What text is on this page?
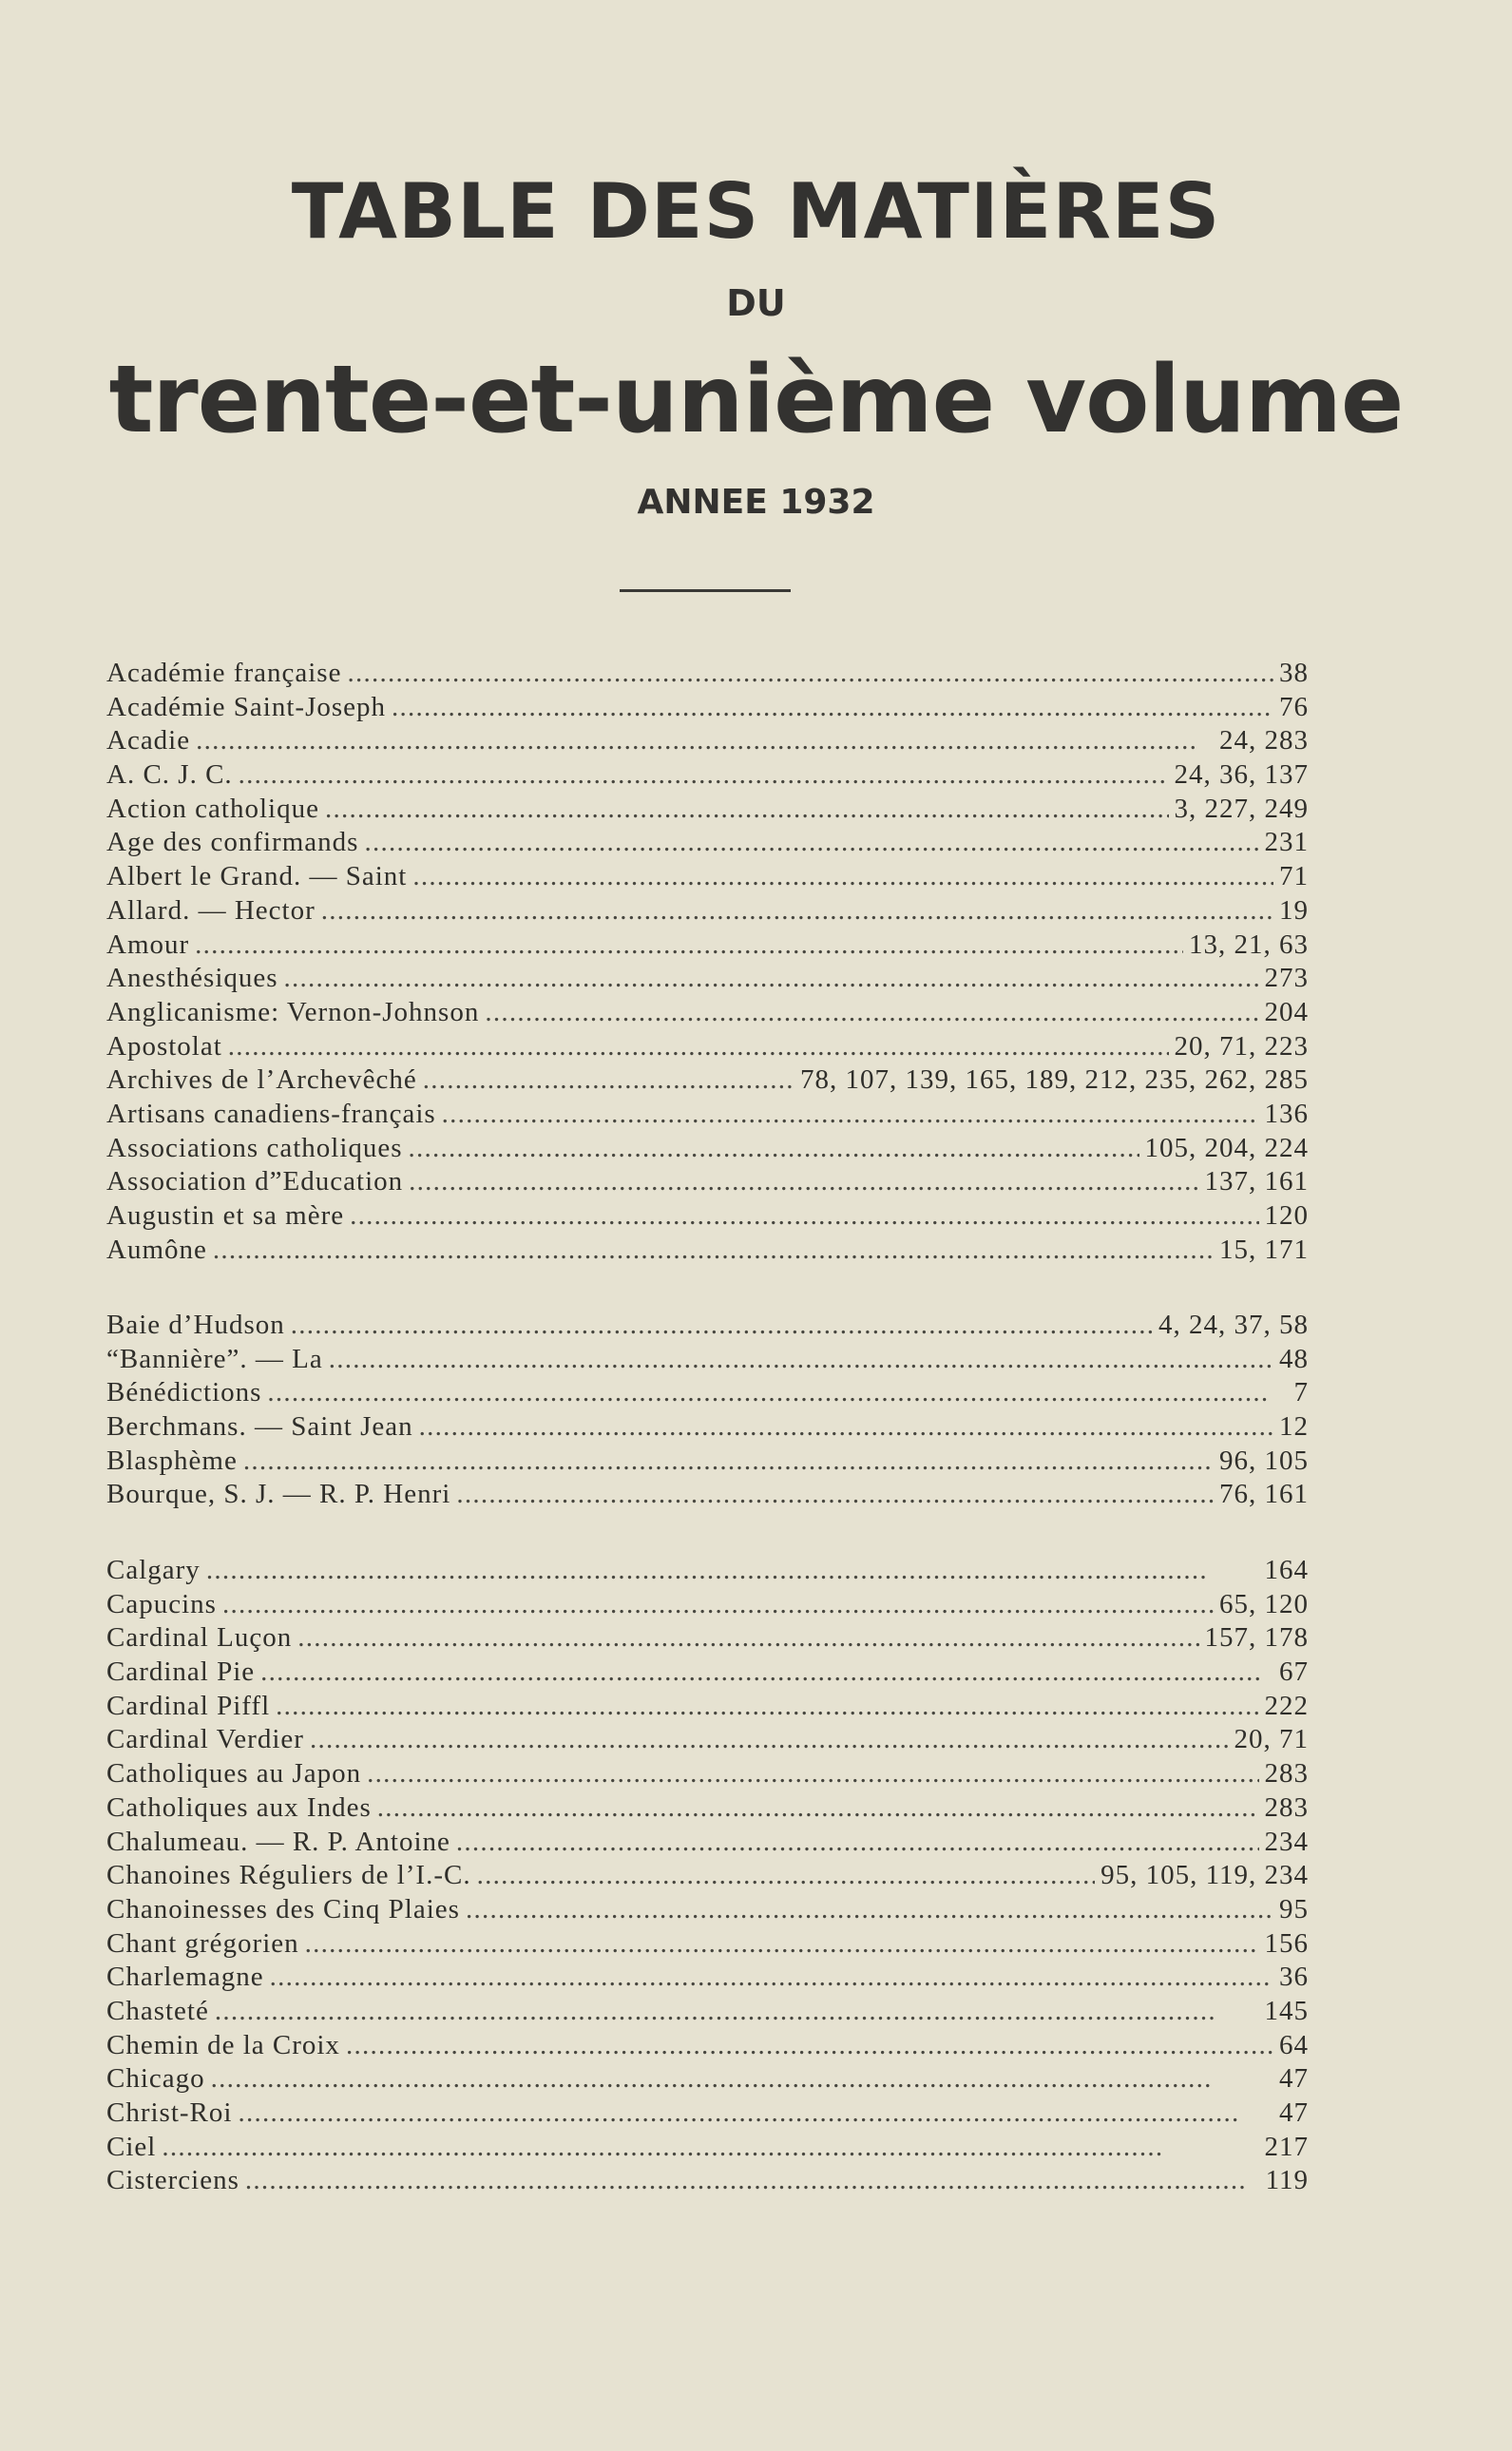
TABLE DES MATIÈRES
DU
trente-et-unième volume
ANNEE 1932
Académie française . . .	38
Académie Saint-Joseph . . .	76
Acadie . . .	24, 283
A. C. J. C. . . .	24, 36, 137
Action catholique . . .	3, 227, 249
Age des confirmands . . .	231
Albert le Grand. — Saint . . .	71
Allard. — Hector . . .	19
Amour . . .	13, 21, 63
Anesthésiques . . .	273
Anglicanisme: Vernon-Johnson . . .	204
Apostolat . . .	20, 71, 223
Archives de l’Archevêché . . .	78, 107, 139, 165, 189, 212, 235, 262, 285
Artisans canadiens-français . . .	136
Associations catholiques . . .	105, 204, 224
Association d”Education . . .	137, 161
Augustin et sa mère . . .	120
Aumône . . .	15, 171
Baie d’Hudson . . .	4, 24, 37, 58
“Bannière”. — La . . .	48
Bénédictions . . .	7
Berchmans. — Saint Jean . . .	12
Blasphème . . .	96, 105
Bourque, S. J. — R. P. Henri . . .	76, 161
Calgary . . .	164
Capucins . . .	65, 120
Cardinal Luçon . . .	157, 178
Cardinal Pie . . .	67
Cardinal Piffl . . .	222
Cardinal Verdier . . .	20, 71
Catholiques au Japon . . .	283
Catholiques aux Indes . . .	283
Chalumeau. — R. P. Antoine . . .	234
Chanoines Réguliers de l’I.-C. . . .	95, 105, 119, 234
Chanoinesses des Cinq Plaies . . .	95
Chant grégorien . . .	156
Charlemagne . . .	36
Chasteté . . .	145
Chemin de la Croix . . .	64
Chicago . . .	47
Christ-Roi . . .	47
Ciel . . .	217
Cisterciens . . .	119
